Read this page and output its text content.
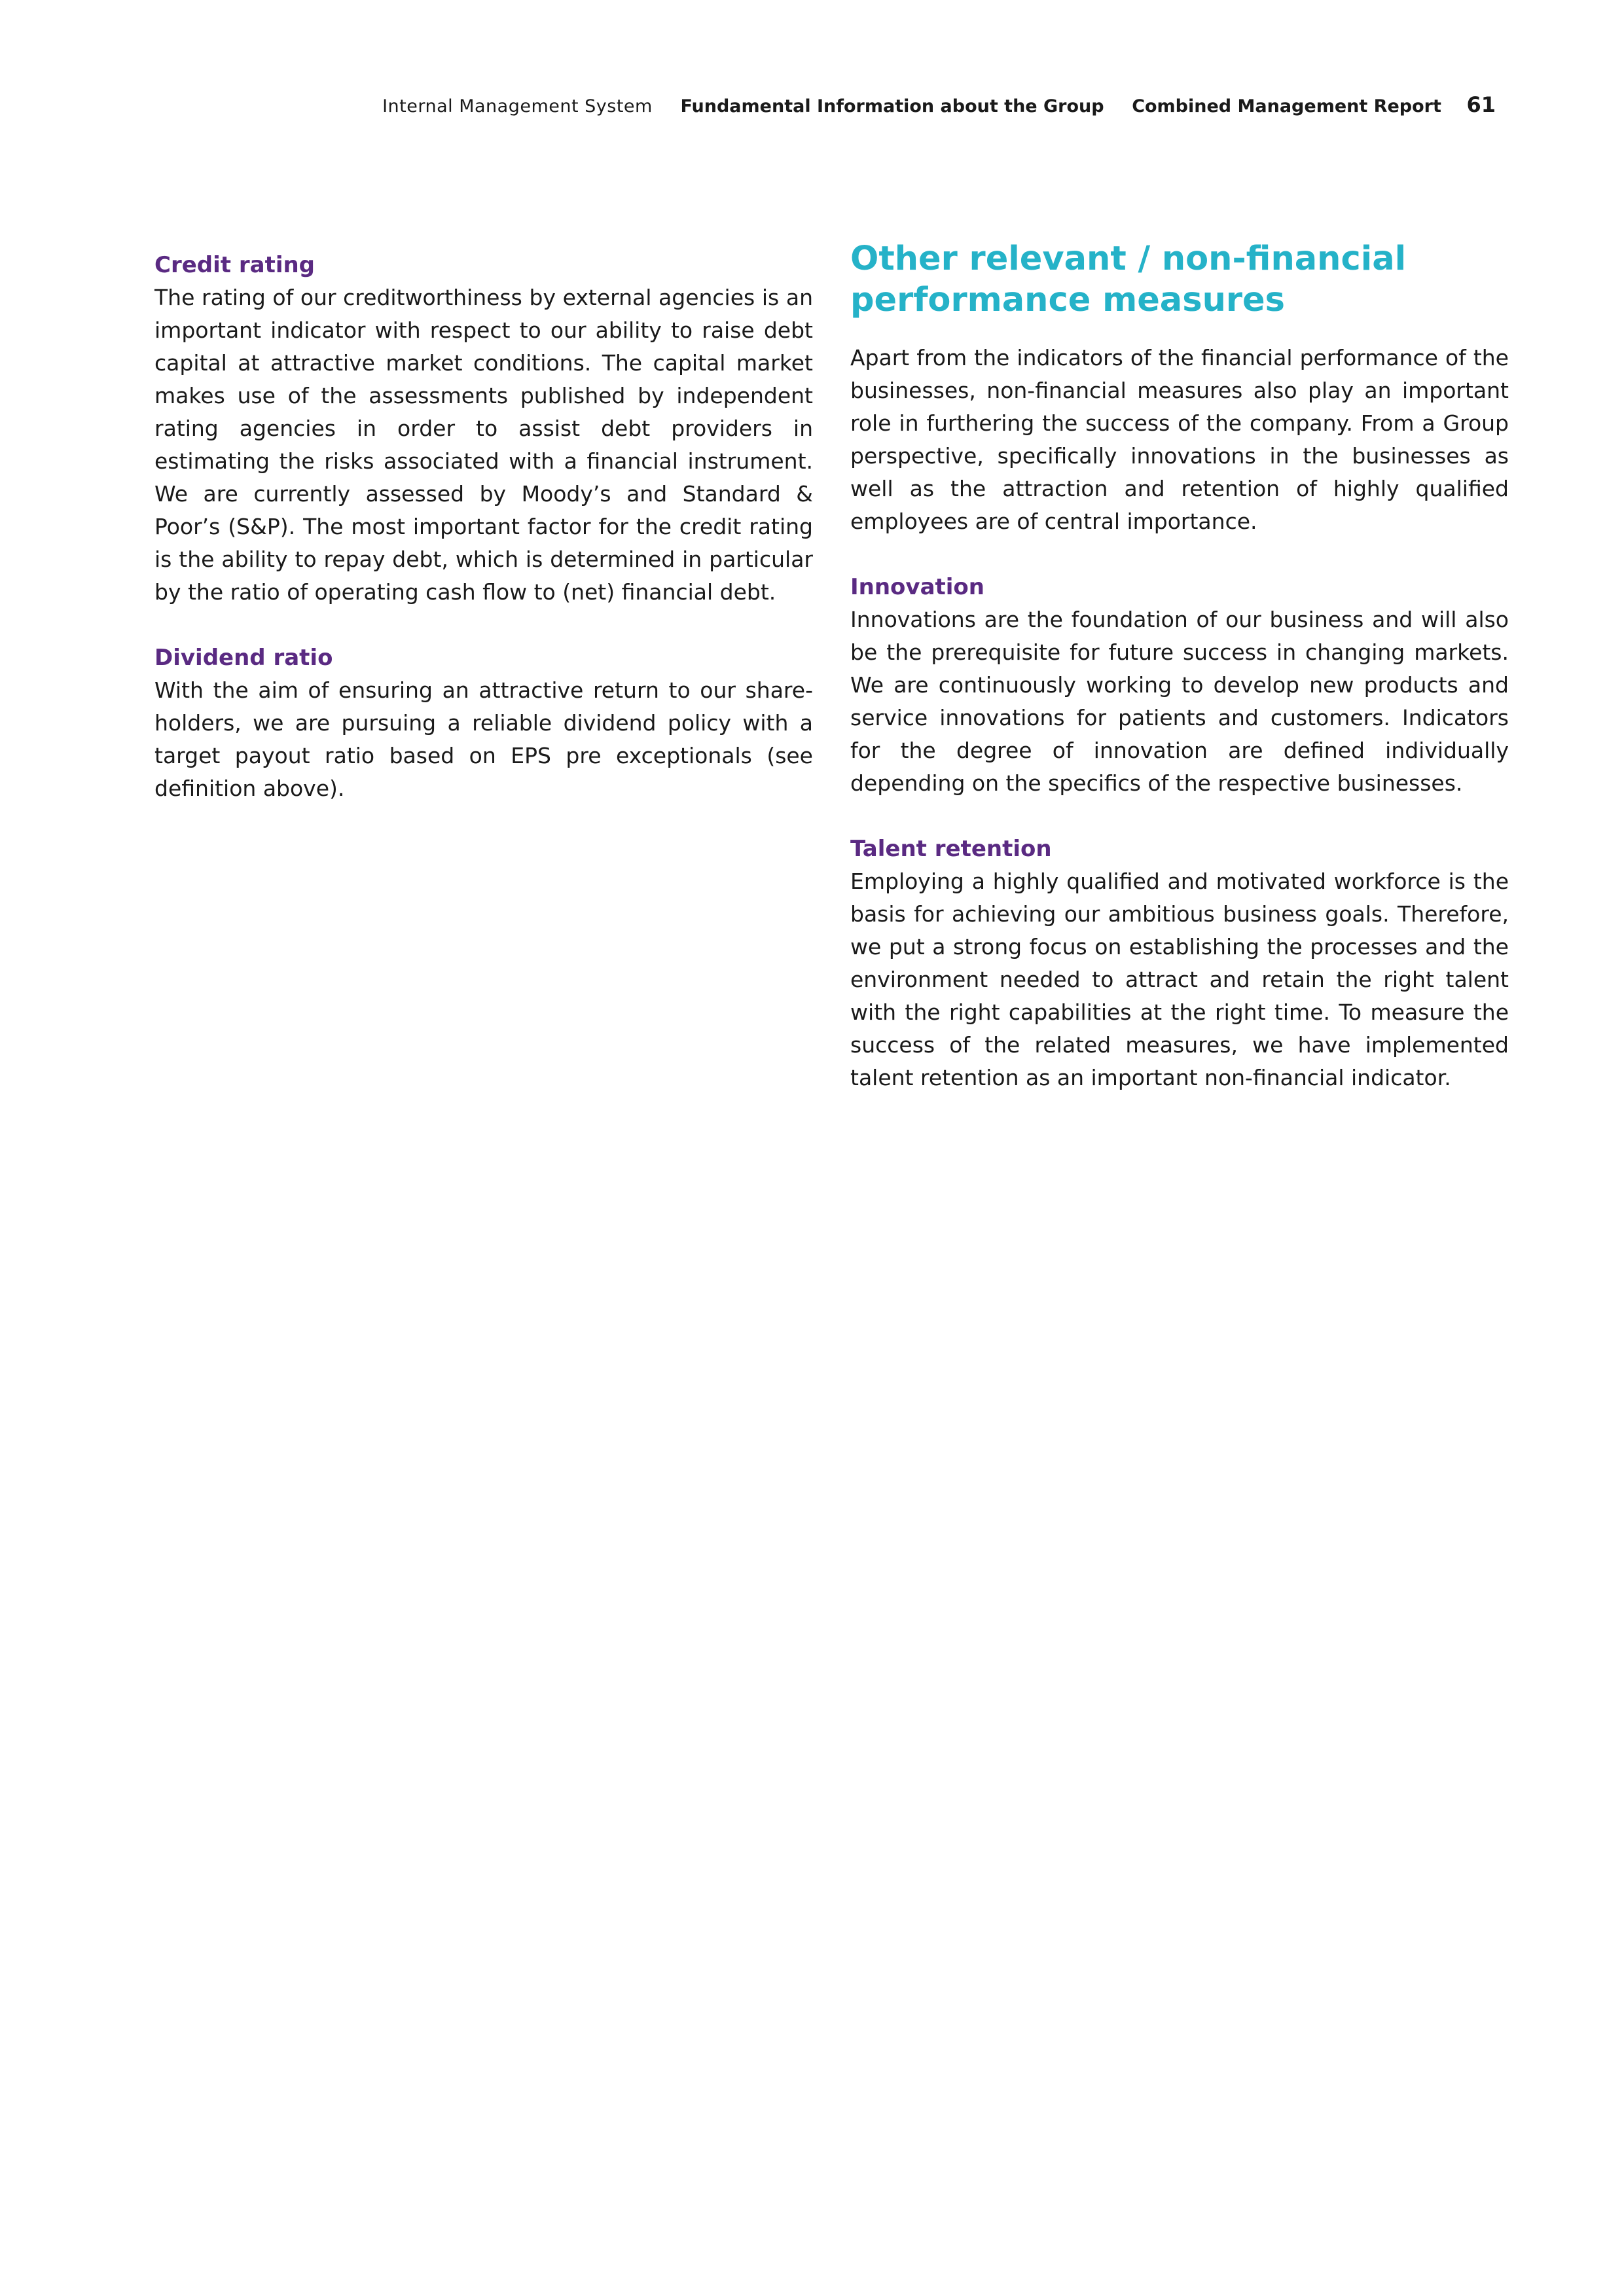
Internal Management System Fundamental Information about the Group Combined Management Report 61
Credit rating

The rating of our creditworthiness by external agencies is an important indicator with respect to our ability to raise debt capital at attractive market conditions. The capital market makes use of the assessments published by independent rating agencies in order to assist debt providers in estimating the risks associated with a financial instrument. We are currently assessed by Moody’s and Standard & Poor’s (S&P). The most important factor for the credit rating is the ability to repay debt, which is determined in particular by the ratio of operating cash flow to (net) financial debt.

Dividend ratio

With the aim of ensuring an attractive return to our shareholders, we are pursuing a reliable dividend policy with a target payout ratio based on EPS pre exceptionals (see definition above).

Other relevant / non-financial performance measures

Apart from the indicators of the financial performance of the businesses, non-financial measures also play an important role in furthering the success of the company. From a Group perspective, specifically innovations in the businesses as well as the attraction and retention of highly qualified employees are of central importance.

Innovation

Innovations are the foundation of our business and will also be the prerequisite for future success in changing markets. We are continuously working to develop new products and service innovations for patients and customers. Indicators for the degree of innovation are defined individually depending on the specifics of the respective businesses.

Talent retention

Employing a highly qualified and motivated workforce is the basis for achieving our ambitious business goals. Therefore, we put a strong focus on establishing the processes and the environment needed to attract and retain the right talent with the right capabilities at the right time. To measure the success of the related measures, we have implemented talent retention as an important non-financial indicator.
